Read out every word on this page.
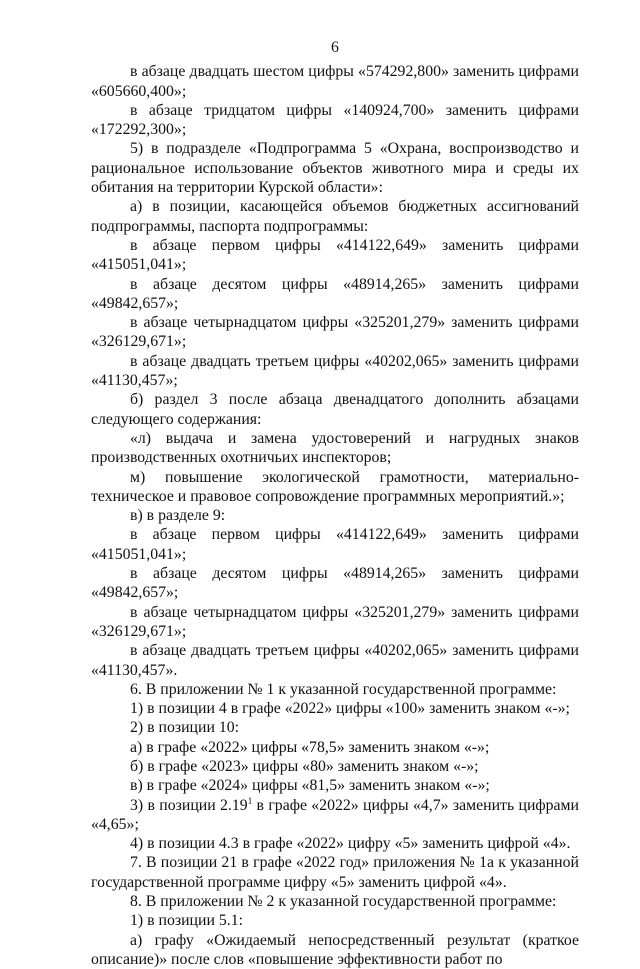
6

в абзаце двадцать шестом цифры «574292,800» заменить цифрами «605660,400»;

в абзаце тридцатом цифры «140924,700» заменить цифрами «172292,300»;

5) в подразделе «Подпрограмма 5 «Охрана, воспроизводство и рациональное использование объектов животного мира и среды их обитания на территории Курской области»:

а) в позиции, касающейся объемов бюджетных ассигнований подпрограммы, паспорта подпрограммы:

в абзаце первом цифры «414122,649» заменить цифрами «415051,041»;

в абзаце десятом цифры «48914,265» заменить цифрами «49842,657»;

в абзаце четырнадцатом цифры «325201,279» заменить цифрами «326129,671»;

в абзаце двадцать третьем цифры «40202,065» заменить цифрами «41130,457»;

б) раздел 3 после абзаца двенадцатого дополнить абзацами следующего содержания:

«л) выдача и замена удостоверений и нагрудных знаков производственных охотничьих инспекторов;

м) повышение экологической грамотности, материально-техническое и правовое сопровождение программных мероприятий.»;

в) в разделе 9:

в абзаце первом цифры «414122,649» заменить цифрами «415051,041»;

в абзаце десятом цифры «48914,265» заменить цифрами «49842,657»;

в абзаце четырнадцатом цифры «325201,279» заменить цифрами «326129,671»;

в абзаце двадцать третьем цифры «40202,065» заменить цифрами «41130,457».

6. В приложении № 1 к указанной государственной программе:

1) в позиции 4 в графе «2022» цифры «100» заменить знаком «-»;

2) в позиции 10:

а) в графе «2022» цифры «78,5» заменить знаком «-»;

б) в графе «2023» цифры «80» заменить знаком «-»;

в) в графе «2024» цифры «81,5» заменить знаком «-»;

3) в позиции 2.19$^1$ в графе «2022» цифры «4,7» заменить цифрами «4,65»;

4) в позиции 4.3 в графе «2022» цифру «5» заменить цифрой «4».

7. В позиции 21 в графе «2022 год» приложения № 1а к указанной государственной программе цифру «5» заменить цифрой «4».

8. В приложении № 2 к указанной государственной программе:

1) в позиции 5.1:

а) графу «Ожидаемый непосредственный результат (краткое описание)» после слов «повышение эффективности работ по
